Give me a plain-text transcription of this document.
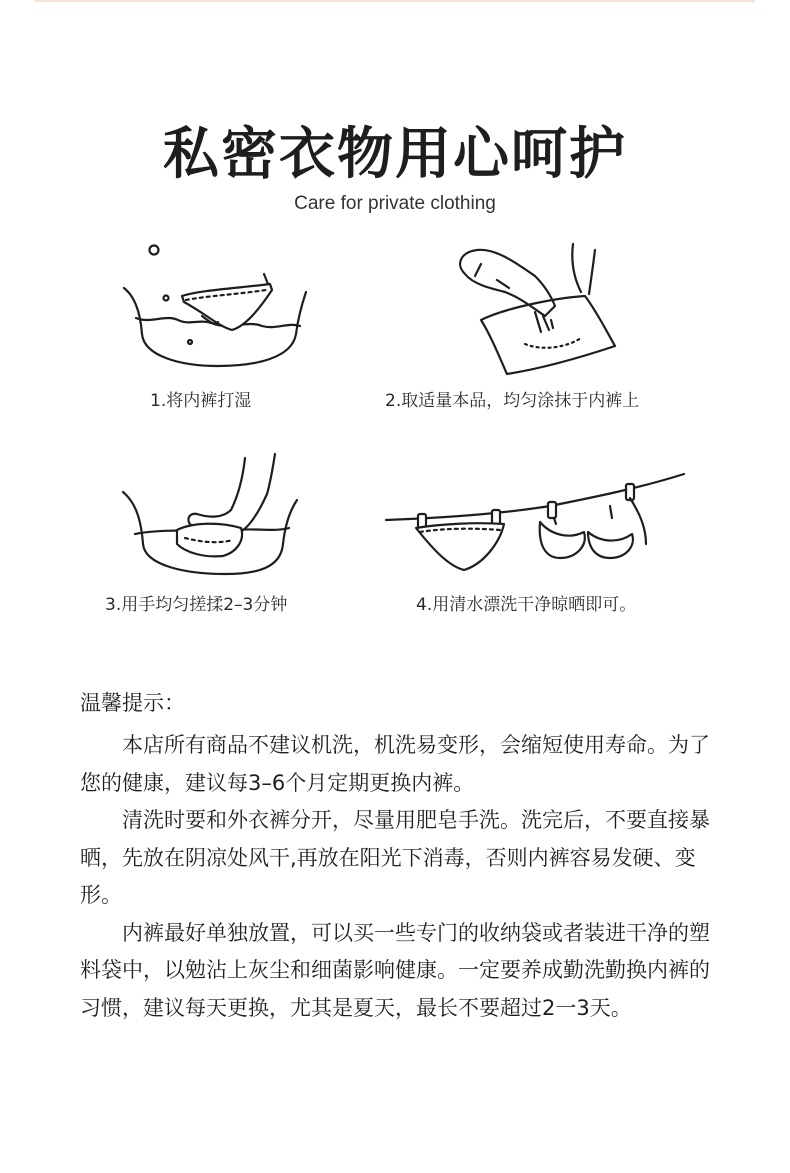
私密衣物用心呵护
Care for private clothing
1.将内裤打湿	2.取适量本品，均匀涂抹于内裤上
3.用手均匀搓揉2–3分钟	4.用清水漂洗干净晾晒即可。
温馨提示：

本店所有商品不建议机洗，机洗易变形，会缩短使用寿命。为了您的健康，建议每3–6个月定期更换内裤。

清洗时要和外衣裤分开，尽量用肥皂手洗。洗完后，不要直接暴晒，先放在阴凉处风干,再放在阳光下消毒，否则内裤容易发硬、变形。

内裤最好单独放置，可以买一些专门的收纳袋或者装进干净的塑料袋中，以勉沾上灰尘和细菌影响健康。一定要养成勤洗勤换内裤的习惯，建议每天更换，尤其是夏天，最长不要超过2一3天。
